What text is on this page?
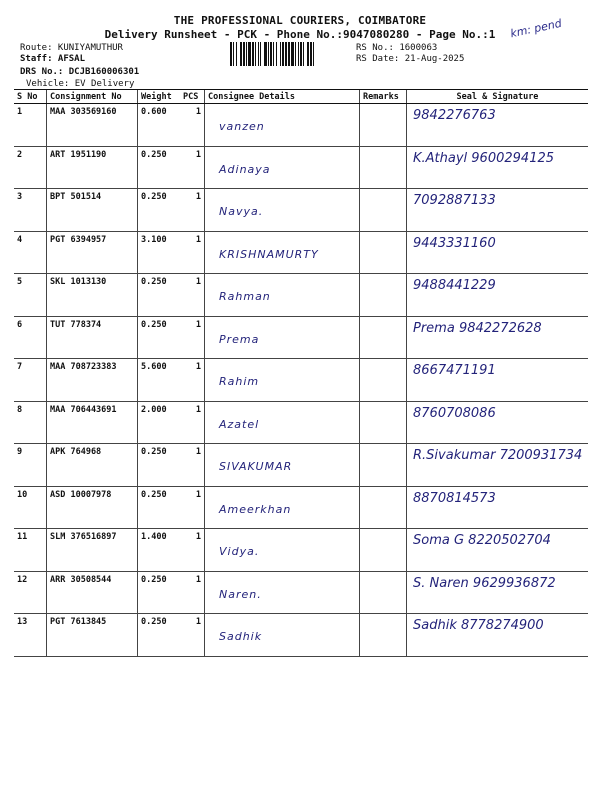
THE PROFESSIONAL COURIERS, COIMBATORE
Delivery Runsheet - PCK - Phone No.:9047080280 - Page No.:1	km: pend
Route: KUNIYAMUTHUR
Staff: AFSAL
DRS No.: DCJB160006301
Vehicle: EV Delivery
RS No.: 1600063
RS Date: 21-Aug-2025
S No	Consignment No	Weight	PCS	Consignee Details	Remarks	Seal & Signature
1	MAA 303569160	0.600	1	vanzen		9842276763

2	ART 1951190	0.250	1	Adinaya		K.Athayl 9600294125

3	BPT 501514	0.250	1	Navya.		7092887133

4	PGT 6394957	3.100	1	KRISHNAMURTY		9443331160

5	SKL 1013130	0.250	1	Rahman		9488441229

6	TUT 778374	0.250	1	Prema		Prema 9842272628

7	MAA 708723383	5.600	1	Rahim		8667471191

8	MAA 706443691	2.000	1	Azatel		8760708086

9	APK 764968	0.250	1	SIVAKUMAR		R.Sivakumar 7200931734

10	ASD 10007978	0.250	1	Ameerkhan		8870814573

11	SLM 376516897	1.400	1	Vidya.		Soma G 8220502704

12	ARR 30508544	0.250	1	Naren.		S. Naren 9629936872

13	PGT 7613845	0.250	1	Sadhik		Sadhik 8778274900
